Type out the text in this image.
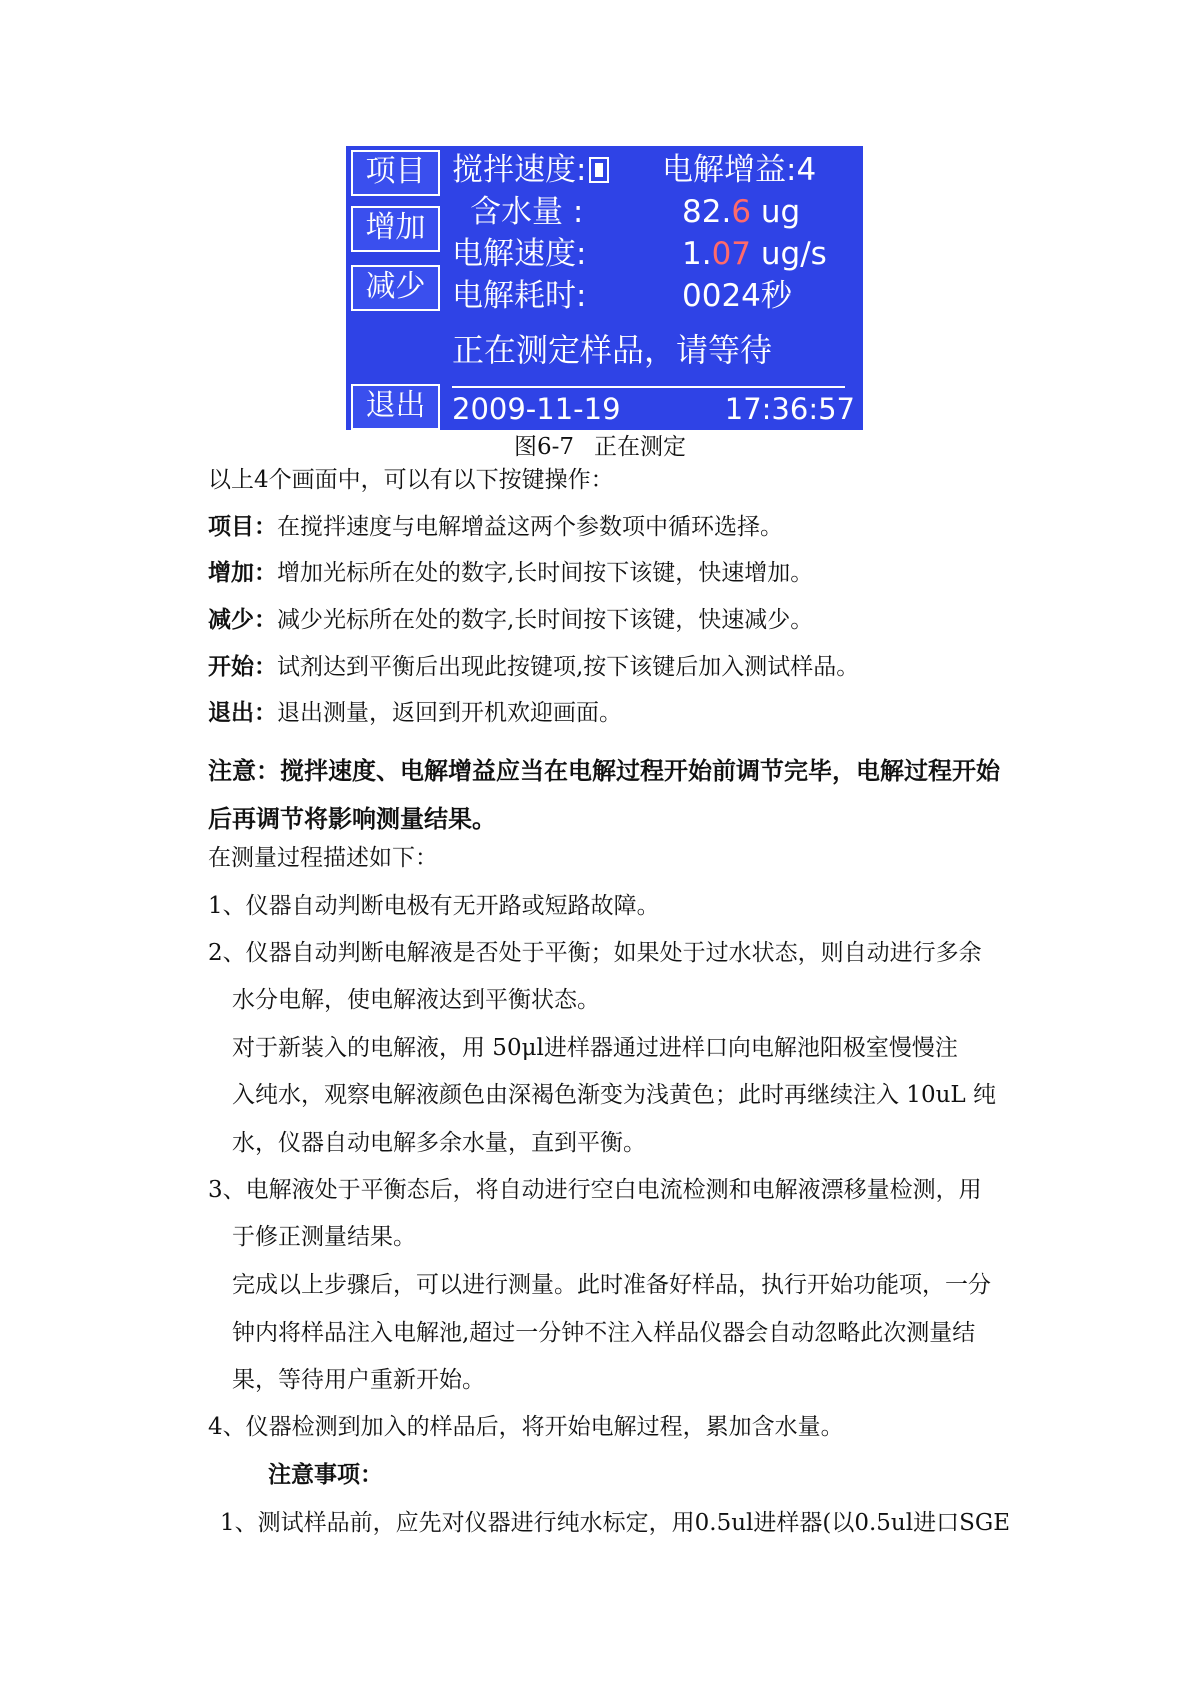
项目
增加
减少
退出
搅拌速度: 电解增益:4
含水量 :	82.6 ug
电解速度:	1.07 ug/s
电解耗时:	0024秒
正在测定样品，请等待
2009-11-19	17:36:57
图6-7 正在测定
以上4个画面中，可以有以下按键操作：
项目：在搅拌速度与电解增益这两个参数项中循环选择。
增加：增加光标所在处的数字,长时间按下该键，快速增加。
减少：减少光标所在处的数字,长时间按下该键，快速减少。
开始：试剂达到平衡后出现此按键项,按下该键后加入测试样品。
退出：退出测量，返回到开机欢迎画面。
注意：搅拌速度、电解增益应当在电解过程开始前调节完毕，电解过程开始
后再调节将影响测量结果。
在测量过程描述如下：
1、仪器自动判断电极有无开路或短路故障。
2、仪器自动判断电解液是否处于平衡；如果处于过水状态，则自动进行多余
水分电解，使电解液达到平衡状态。
对于新装入的电解液，用 50μl进样器通过进样口向电解池阳极室慢慢注
入纯水，观察电解液颜色由深褐色渐变为浅黄色；此时再继续注入 10uL 纯
水，仪器自动电解多余水量，直到平衡。
3、电解液处于平衡态后，将自动进行空白电流检测和电解液漂移量检测，用
于修正测量结果。
完成以上步骤后，可以进行测量。此时准备好样品，执行开始功能项，一分
钟内将样品注入电解池,超过一分钟不注入样品仪器会自动忽略此次测量结
果，等待用户重新开始。
4、仪器检测到加入的样品后，将开始电解过程，累加含水量。
注意事项：
1、测试样品前，应先对仪器进行纯水标定，用0.5ul进样器(以0.5ul进口SGE
